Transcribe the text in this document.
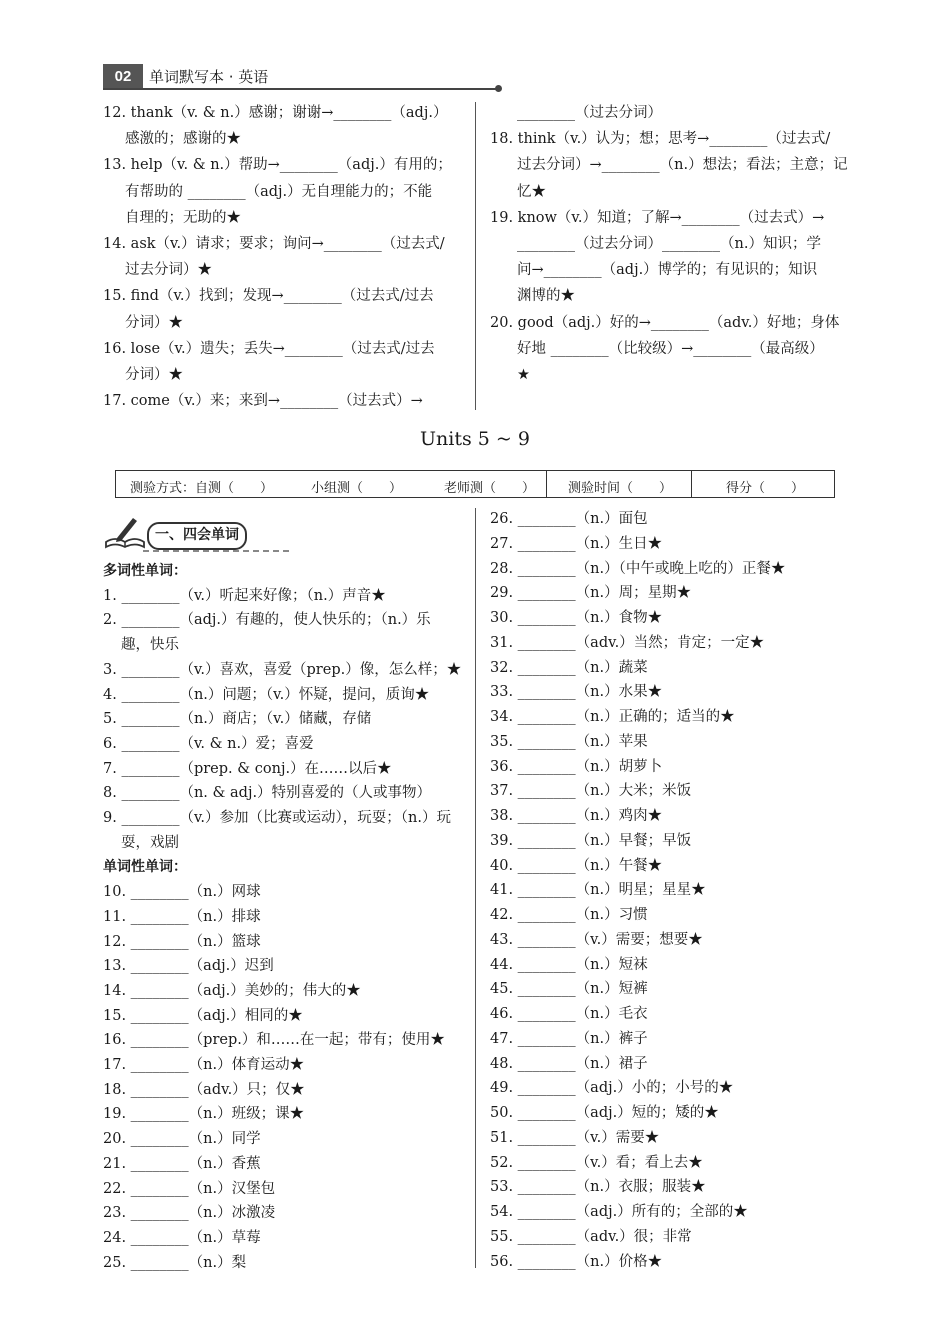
02	单词默写本 · 英语
12. thank（v. & n.）感谢；谢谢→________（adj.）
感激的；感谢的★
13. help（v. & n.）帮助→________（adj.）有用的；
有帮助的 ________（adj.）无自理能力的；不能
自理的；无助的★
14. ask（v.）请求；要求；询问→________（过去式/
过去分词）★
15. find（v.）找到；发现→________（过去式/过去
分词）★
16. lose（v.）遗失；丢失→________（过去式/过去
分词）★
17. come（v.）来；来到→________（过去式）→
________（过去分词）
18. think（v.）认为；想；思考→________（过去式/
过去分词）→________（n.）想法；看法；主意；记
忆★
19. know（v.）知道；了解→________（过去式）→
________（过去分词）________（n.）知识；学
问→________（adj.）博学的；有见识的；知识
渊博的★
20. good（adj.）好的→________（adv.）好地；身体
好地 ________（比较级）→________（最高级）
★
Units 5 ~ 9
测验方式：自测（　　）	小组测（　　）	老师测（　　）	测验时间（　　）	得分（　　）
一、四会单词
多词性单词：
1. ________（v.）听起来好像；（n.）声音★
2. ________（adj.）有趣的，使人快乐的；（n.）乐
趣，快乐
3. ________（v.）喜欢，喜爱（prep.）像，怎么样；★
4. ________（n.）问题；（v.）怀疑，提问，质询★
5. ________（n.）商店；（v.）储藏，存储
6. ________（v. & n.）爱；喜爱
7. ________（prep. & conj.）在……以后★
8. ________（n. & adj.）特别喜爱的（人或事物）
9. ________（v.）参加（比赛或运动），玩耍；（n.）玩
耍，戏剧
单词性单词：
10. ________（n.）网球
11. ________（n.）排球
12. ________（n.）篮球
13. ________（adj.）迟到
14. ________（adj.）美妙的；伟大的★
15. ________（adj.）相同的★
16. ________（prep.）和……在一起；带有；使用★
17. ________（n.）体育运动★
18. ________（adv.）只；仅★
19. ________（n.）班级；课★
20. ________（n.）同学
21. ________（n.）香蕉
22. ________（n.）汉堡包
23. ________（n.）冰激凌
24. ________（n.）草莓
25. ________（n.）梨
26. ________（n.）面包
27. ________（n.）生日★
28. ________（n.）（中午或晚上吃的）正餐★
29. ________（n.）周；星期★
30. ________（n.）食物★
31. ________（adv.）当然；肯定；一定★
32. ________（n.）蔬菜
33. ________（n.）水果★
34. ________（n.）正确的；适当的★
35. ________（n.）苹果
36. ________（n.）胡萝卜
37. ________（n.）大米；米饭
38. ________（n.）鸡肉★
39. ________（n.）早餐；早饭
40. ________（n.）午餐★
41. ________（n.）明星；星星★
42. ________（n.）习惯
43. ________（v.）需要；想要★
44. ________（n.）短袜
45. ________（n.）短裤
46. ________（n.）毛衣
47. ________（n.）裤子
48. ________（n.）裙子
49. ________（adj.）小的；小号的★
50. ________（adj.）短的；矮的★
51. ________（v.）需要★
52. ________（v.）看；看上去★
53. ________（n.）衣服；服装★
54. ________（adj.）所有的；全部的★
55. ________（adv.）很；非常
56. ________（n.）价格★
